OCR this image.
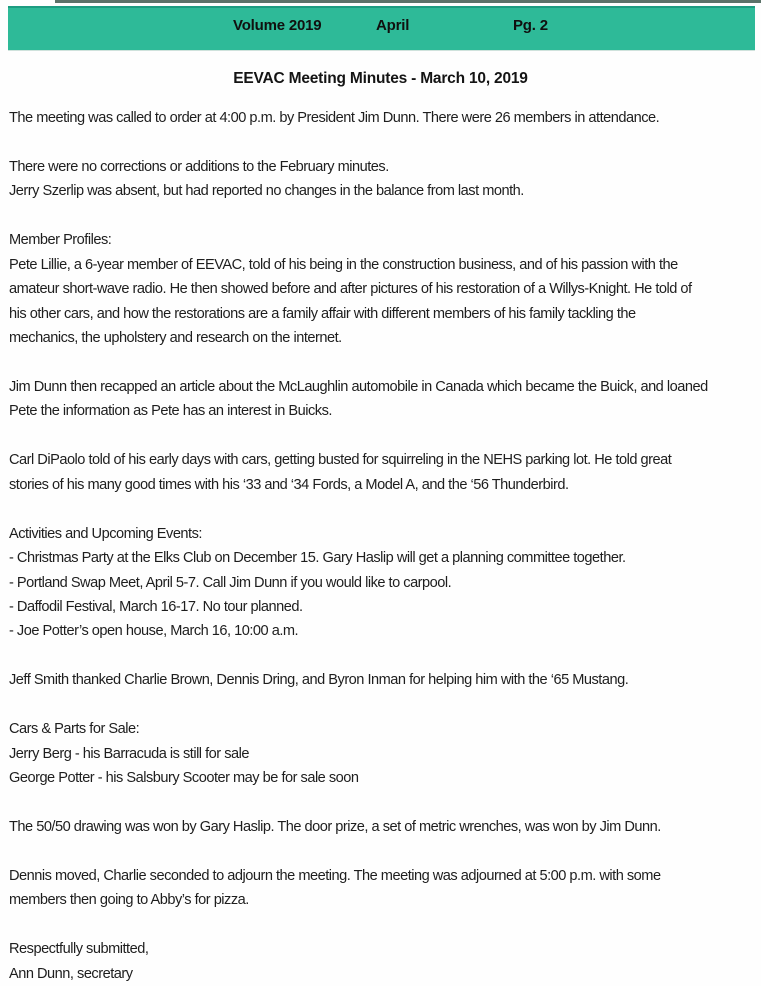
Volume 2019	April	Pg. 2
EEVAC Meeting Minutes - March 10, 2019

The meeting was called to order at 4:00 p.m. by President Jim Dunn. There were 26 members in attendance.

There were no corrections or additions to the February minutes.
Jerry Szerlip was absent, but had reported no changes in the balance from last month.

Member Profiles:
Pete Lillie, a 6-year member of EEVAC, told of his being in the construction business, and of his passion with the
amateur short-wave radio. He then showed before and after pictures of his restoration of a Willys-Knight. He told of
his other cars, and how the restorations are a family affair with different members of his family tackling the
mechanics, the upholstery and research on the internet.

Jim Dunn then recapped an article about the McLaughlin automobile in Canada which became the Buick, and loaned
Pete the information as Pete has an interest in Buicks.

Carl DiPaolo told of his early days with cars, getting busted for squirreling in the NEHS parking lot. He told great
stories of his many good times with his ‘33 and ‘34 Fords, a Model A, and the ‘56 Thunderbird.

Activities and Upcoming Events:
- Christmas Party at the Elks Club on December 15. Gary Haslip will get a planning committee together.
- Portland Swap Meet, April 5-7. Call Jim Dunn if you would like to carpool.
- Daffodil Festival, March 16-17. No tour planned.
- Joe Potter’s open house, March 16, 10:00 a.m.

Jeff Smith thanked Charlie Brown, Dennis Dring, and Byron Inman for helping him with the ‘65 Mustang.

Cars & Parts for Sale:
Jerry Berg - his Barracuda is still for sale
George Potter - his Salsbury Scooter may be for sale soon

The 50/50 drawing was won by Gary Haslip. The door prize, a set of metric wrenches, was won by Jim Dunn.

Dennis moved, Charlie seconded to adjourn the meeting. The meeting was adjourned at 5:00 p.m. with some
members then going to Abby’s for pizza.

Respectfully submitted,
Ann Dunn, secretary
